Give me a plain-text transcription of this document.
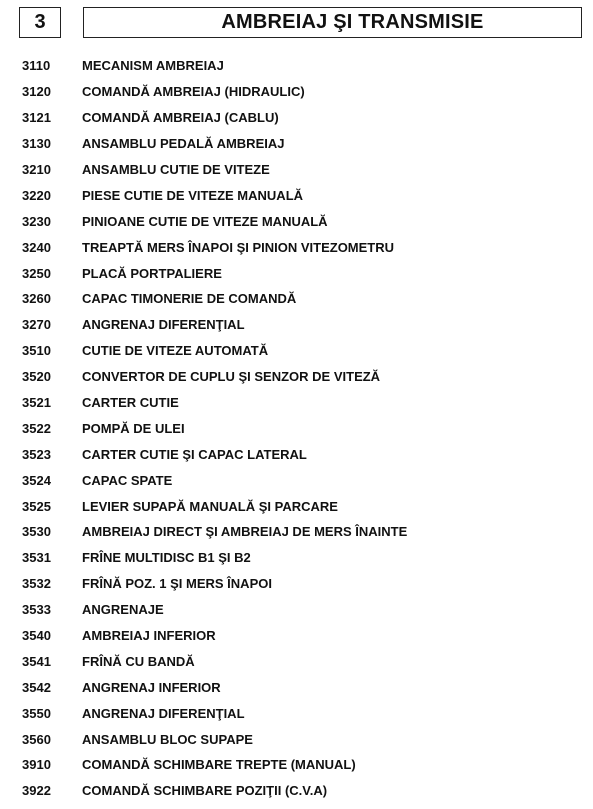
3	AMBREIAJ ŞI TRANSMISIE
3110	MECANISM AMBREIAJ
3120	COMANDĂ AMBREIAJ (HIDRAULIC)
3121	COMANDĂ AMBREIAJ (CABLU)
3130	ANSAMBLU PEDALĂ AMBREIAJ
3210	ANSAMBLU CUTIE DE VITEZE
3220	PIESE CUTIE DE VITEZE MANUALĂ
3230	PINIOANE CUTIE DE VITEZE MANUALĂ
3240	TREAPTĂ MERS ÎNAPOI ŞI PINION VITEZOMETRU
3250	PLACĂ PORTPALIERE
3260	CAPAC TIMONERIE DE COMANDĂ
3270	ANGRENAJ DIFERENŢIAL
3510	CUTIE DE VITEZE AUTOMATĂ
3520	CONVERTOR DE CUPLU ŞI SENZOR DE VITEZĂ
3521	CARTER CUTIE
3522	POMPĂ DE ULEI
3523	CARTER CUTIE ŞI CAPAC LATERAL
3524	CAPAC SPATE
3525	LEVIER SUPAPĂ MANUALĂ ŞI PARCARE
3530	AMBREIAJ DIRECT ŞI AMBREIAJ DE MERS ÎNAINTE
3531	FRÎNE MULTIDISC B1 ŞI B2
3532	FRÎNĂ POZ. 1 ŞI MERS ÎNAPOI
3533	ANGRENAJE
3540	AMBREIAJ INFERIOR
3541	FRÎNĂ CU BANDĂ
3542	ANGRENAJ INFERIOR
3550	ANGRENAJ DIFERENŢIAL
3560	ANSAMBLU BLOC SUPAPE
3910	COMANDĂ SCHIMBARE TREPTE (MANUAL)
3922	COMANDĂ SCHIMBARE POZIŢII (C.V.A)
